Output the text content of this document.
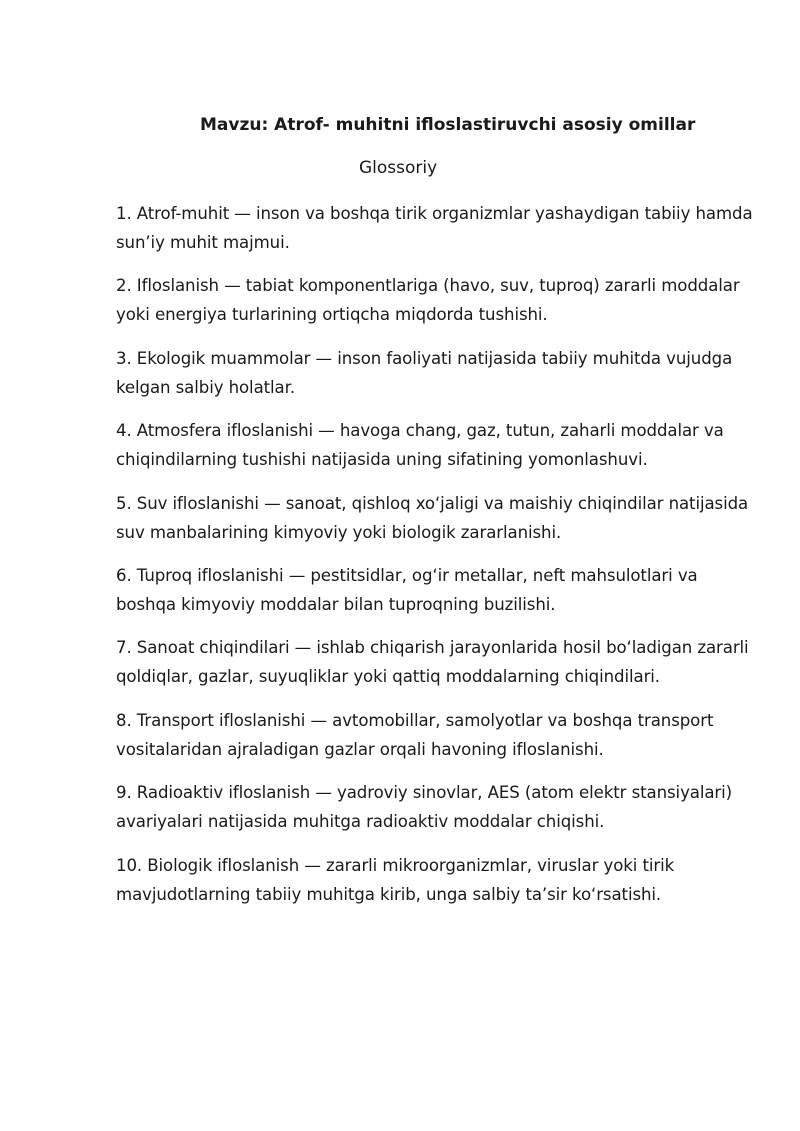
Mavzu: Atrof- muhitni ifloslastiruvchi asosiy omillar
Glossoriy
1. Atrof-muhit — inson va boshqa tirik organizmlar yashaydigan tabiiy hamda sun’iy muhit majmui.
2. Ifloslanish — tabiat komponentlariga (havo, suv, tuproq) zararli moddalar yoki energiya turlarining ortiqcha miqdorda tushishi.
3. Ekologik muammolar — inson faoliyati natijasida tabiiy muhitda vujudga kelgan salbiy holatlar.
4. Atmosfera ifloslanishi — havoga chang, gaz, tutun, zaharli moddalar va chiqindilarning tushishi natijasida uning sifatining yomonlashuvi.
5. Suv ifloslanishi — sanoat, qishloq xo‘jaligi va maishiy chiqindilar natijasida suv manbalarining kimyoviy yoki biologik zararlanishi.
6. Tuproq ifloslanishi — pestitsidlar, og‘ir metallar, neft mahsulotlari va boshqa kimyoviy moddalar bilan tuproqning buzilishi.
7. Sanoat chiqindilari — ishlab chiqarish jarayonlarida hosil bo‘ladigan zararli qoldiqlar, gazlar, suyuqliklar yoki qattiq moddalarning chiqindilari.
8. Transport ifloslanishi — avtomobillar, samolyotlar va boshqa transport vositalaridan ajraladigan gazlar orqali havoning ifloslanishi.
9. Radioaktiv ifloslanish — yadroviy sinovlar, AES (atom elektr stansiyalari) avariyalari natijasida muhitga radioaktiv moddalar chiqishi.
10. Biologik ifloslanish — zararli mikroorganizmlar, viruslar yoki tirik mavjudotlarning tabiiy muhitga kirib, unga salbiy ta’sir ko‘rsatishi.
